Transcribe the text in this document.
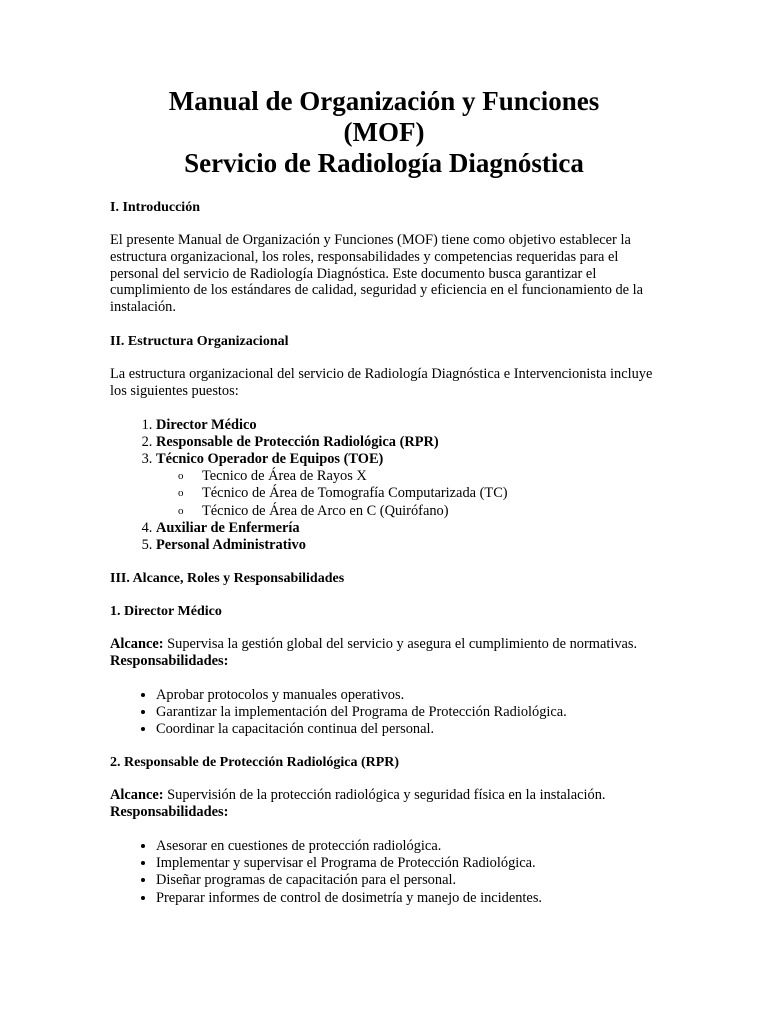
Manual de Organización y Funciones
(MOF)
Servicio de Radiología Diagnóstica
I. Introducción

El presente Manual de Organización y Funciones (MOF) tiene como objetivo establecer la estructura organizacional, los roles, responsabilidades y competencias requeridas para el personal del servicio de Radiología Diagnóstica. Este documento busca garantizar el cumplimiento de los estándares de calidad, seguridad y eficiencia en el funcionamiento de la instalación.

II. Estructura Organizacional

La estructura organizacional del servicio de Radiología Diagnóstica e Intervencionista incluye los siguientes puestos:

1. Director Médico
2. Responsable de Protección Radiológica (RPR)
3. Técnico Operador de Equipos (TOE)
o Tecnico de Área de Rayos X
o Técnico de Área de Tomografía Computarizada (TC)
o Técnico de Área de Arco en C (Quirófano)
4. Auxiliar de Enfermería
5. Personal Administrativo
III. Alcance, Roles y Responsabilidades
1. Director Médico

Alcance: Supervisa la gestión global del servicio y asegura el cumplimiento de normativas. Responsabilidades:

• Aprobar protocolos y manuales operativos.
• Garantizar la implementación del Programa de Protección Radiológica.
• Coordinar la capacitación continua del personal.
2. Responsable de Protección Radiológica (RPR)

Alcance: Supervisión de la protección radiológica y seguridad física en la instalación. Responsabilidades:

• Asesorar en cuestiones de protección radiológica.
• Implementar y supervisar el Programa de Protección Radiológica.
• Diseñar programas de capacitación para el personal.
• Preparar informes de control de dosimetría y manejo de incidentes.
